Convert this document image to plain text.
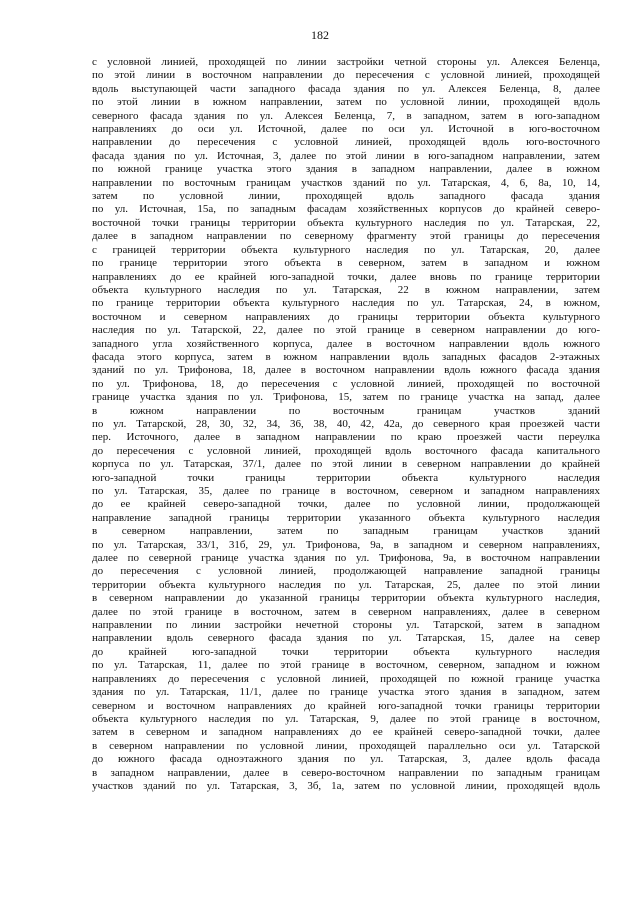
182
с условной линией, проходящей по линии застройки четной стороны ул. Алексея Беленца,
по этой линии в восточном направлении до пересечения с условной линией, проходящей
вдоль выступающей части западного фасада здания по ул. Алексея Беленца, 8, далее
по этой линии в южном направлении, затем по условной линии, проходящей вдоль
северного фасада здания по ул. Алексея Беленца, 7, в западном, затем в юго-западном
направлениях до оси ул. Источной, далее по оси ул. Источной в юго-восточном
направлении до пересечения с условной линией, проходящей вдоль юго-восточного
фасада здания по ул. Источная, 3, далее по этой линии в юго-западном направлении, затем
по южной границе участка этого здания в западном направлении, далее в южном
направлении по восточным границам участков зданий по ул. Татарская, 4, 6, 8а, 10, 14,
затем по условной линии, проходящей вдоль западного фасада здания
по ул. Источная, 15а, по западным фасадам хозяйственных корпусов до крайней северо-
восточной точки границы территории объекта культурного наследия по ул. Татарская, 22,
далее в западном направлении по северному фрагменту этой границы до пересечения
с границей территории объекта культурного наследия по ул. Татарская, 20, далее
по границе территории этого объекта в северном, затем в западном и южном
направлениях до ее крайней юго-западной точки, далее вновь по границе территории
объекта культурного наследия по ул. Татарская, 22 в южном направлении, затем
по границе территории объекта культурного наследия по ул. Татарская, 24, в южном,
восточном и северном направлениях до границы территории объекта культурного
наследия по ул. Татарской, 22, далее по этой границе в северном направлении до юго-
западного угла хозяйственного корпуса, далее в восточном направлении вдоль южного
фасада этого корпуса, затем в южном направлении вдоль западных фасадов 2-этажных
зданий по ул. Трифонова, 18, далее в восточном направлении вдоль южного фасада здания
по ул. Трифонова, 18, до пересечения с условной линией, проходящей по восточной
границе участка здания по ул. Трифонова, 15, затем по границе участка на запад, далее
в южном направлении по восточным границам участков зданий
по ул. Татарской, 28, 30, 32, 34, 36, 38, 40, 42, 42а, до северного края проезжей части
пер. Источного, далее в западном направлении по краю проезжей части переулка
до пересечения с условной линией, проходящей вдоль восточного фасада капитального
корпуса по ул. Татарская, 37/1, далее по этой линии в северном направлении до крайней
юго-западной точки границы территории объекта культурного наследия
по ул. Татарская, 35, далее по границе в восточном, северном и западном направлениях
до ее крайней северо-западной точки, далее по условной линии, продолжающей
направление западной границы территории указанного объекта культурного наследия
в северном направлении, затем по западным границам участков зданий
по ул. Татарская, 33/1, 31б, 29, ул. Трифонова, 9а, в западном и северном направлениях,
далее по северной границе участка здания по ул. Трифонова, 9а, в восточном направлении
до пересечения с условной линией, продолжающей направление западной границы
территории объекта культурного наследия по ул. Татарская, 25, далее по этой линии
в северном направлении до указанной границы территории объекта культурного наследия,
далее по этой границе в восточном, затем в северном направлениях, далее в северном
направлении по линии застройки нечетной стороны ул. Татарской, затем в западном
направлении вдоль северного фасада здания по ул. Татарская, 15, далее на север
до крайней юго-западной точки территории объекта культурного наследия
по ул. Татарская, 11, далее по этой границе в восточном, северном, западном и южном
направлениях до пересечения с условной линией, проходящей по южной границе участка
здания по ул. Татарская, 11/1, далее по границе участка этого здания в западном, затем
северном и восточном направлениях до крайней юго-западной точки границы территории
объекта культурного наследия по ул. Татарская, 9, далее по этой границе в восточном,
затем в северном и западном направлениях до ее крайней северо-западной точки, далее
в северном направлении по условной линии, проходящей параллельно оси ул. Татарской
до южного фасада одноэтажного здания по ул. Татарская, 3, далее вдоль фасада
в западном направлении, далее в северо-восточном направлении по западным границам
участков зданий по ул. Татарская, 3, 3б, 1а, затем по условной линии, проходящей вдоль
